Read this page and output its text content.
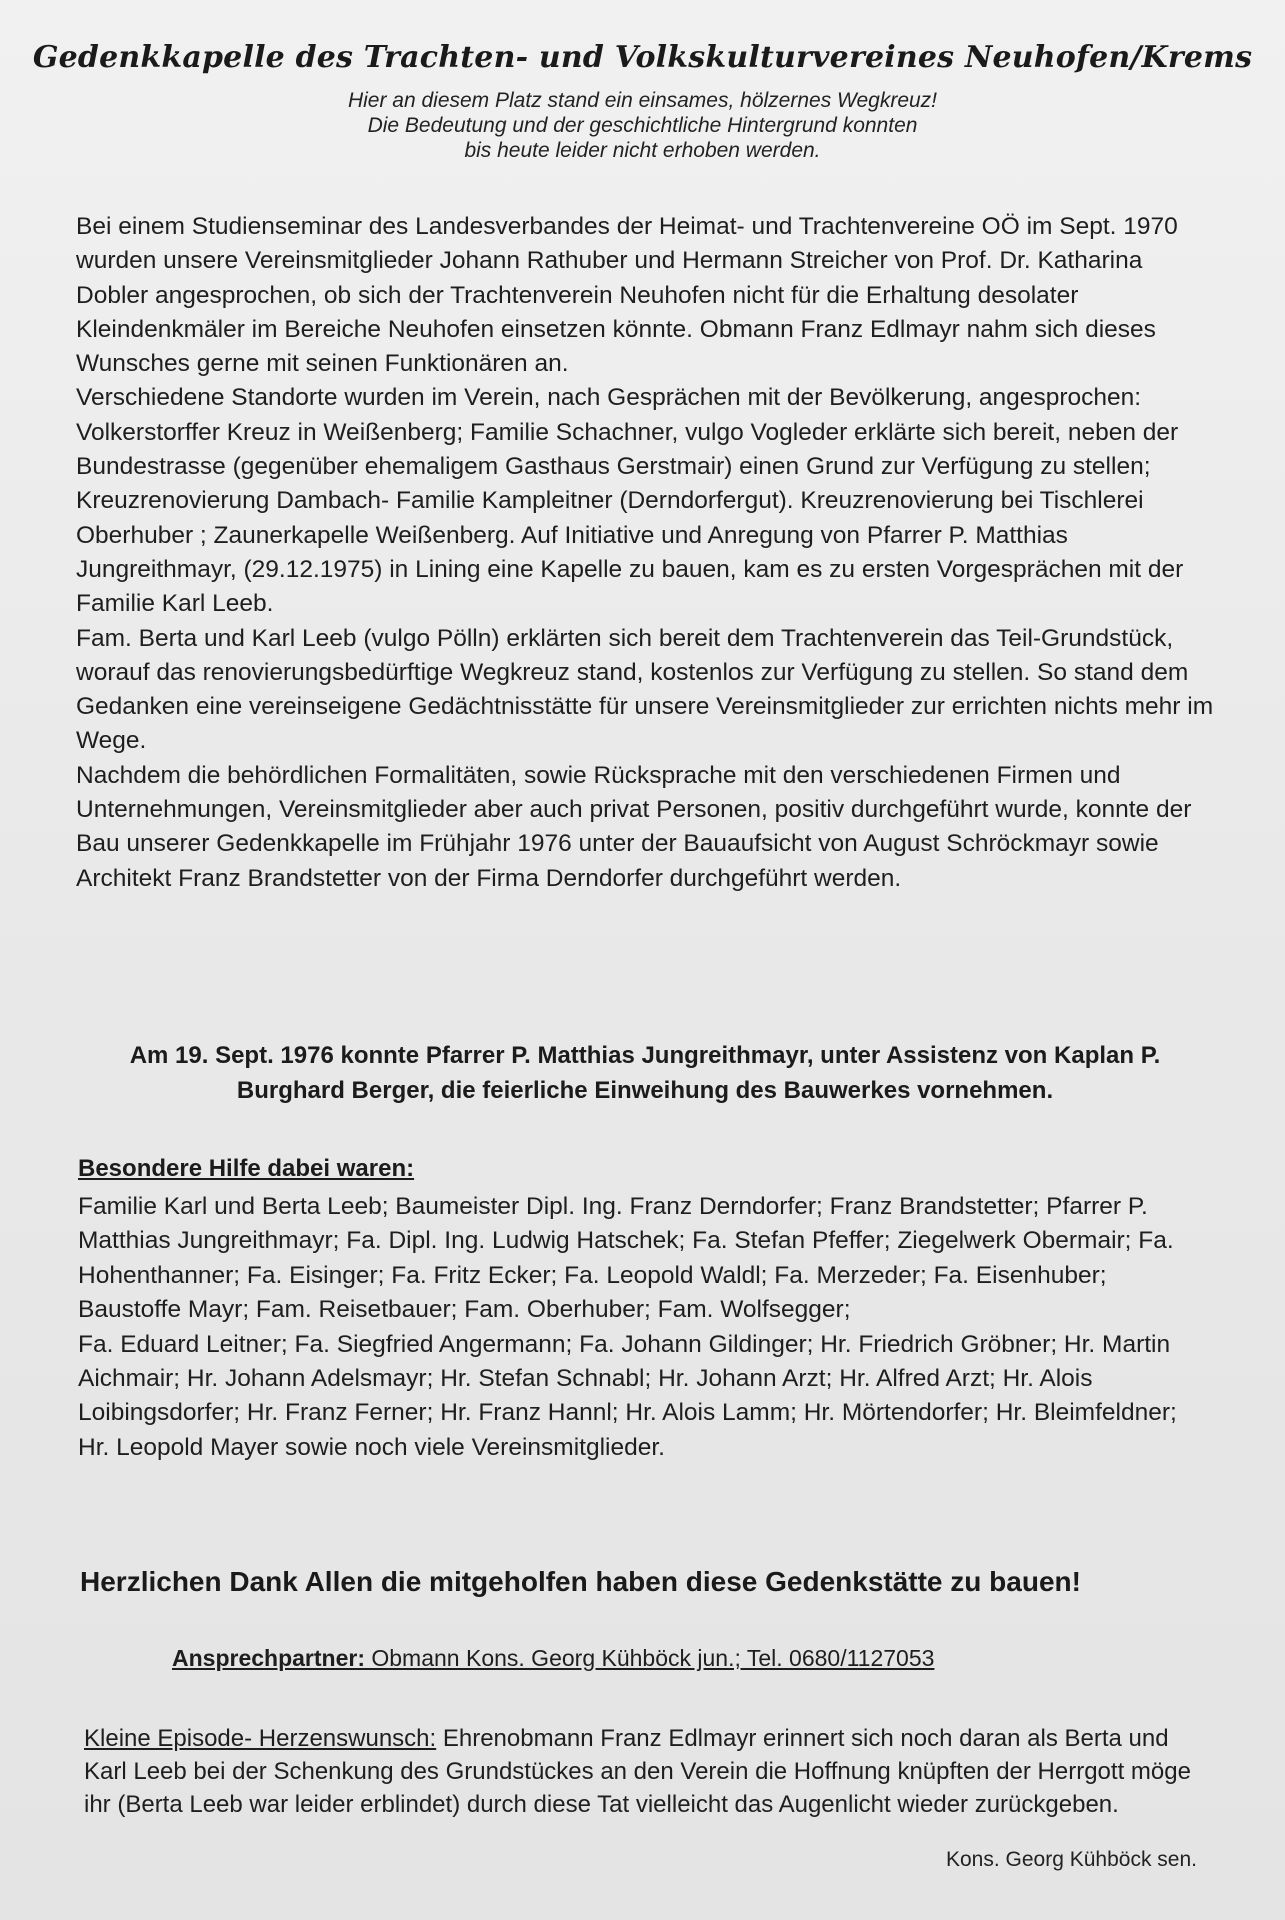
Gedenkkapelle des Trachten- und Volkskulturvereines Neuhofen/Krems
Hier an diesem Platz stand ein einsames, hölzernes Wegkreuz!
Die Bedeutung und der geschichtliche Hintergrund konnten
bis heute leider nicht erhoben werden.

Bei einem Studienseminar des Landesverbandes der Heimat- und Trachtenvereine OÖ im Sept. 1970 wurden unsere Vereinsmitglieder Johann Rathuber und Hermann Streicher von Prof. Dr. Katharina Dobler angesprochen, ob sich der Trachtenverein Neuhofen nicht für die Erhaltung desolater Kleindenkmäler im Bereiche Neuhofen einsetzen könnte. Obmann Franz Edlmayr nahm sich dieses Wunsches gerne mit seinen Funktionären an.

Verschiedene Standorte wurden im Verein, nach Gesprächen mit der Bevölkerung, angesprochen: Volkerstorffer Kreuz in Weißenberg; Familie Schachner, vulgo Vogleder erklärte sich bereit, neben der Bundestrasse (gegenüber ehemaligem Gasthaus Gerstmair) einen Grund zur Verfügung zu stellen; Kreuzrenovierung Dambach- Familie Kampleitner (Derndorfergut). Kreuzrenovierung bei Tischlerei Oberhuber ; Zaunerkapelle Weißenberg. Auf Initiative und Anregung von Pfarrer P. Matthias Jungreithmayr, (29.12.1975) in Lining eine Kapelle zu bauen, kam es zu ersten Vorgesprächen mit der Familie Karl Leeb.

Fam. Berta und Karl Leeb (vulgo Pölln) erklärten sich bereit dem Trachtenverein das Teil-Grundstück, worauf das renovierungsbedürftige Wegkreuz stand, kostenlos zur Verfügung zu stellen. So stand dem Gedanken eine vereinseigene Gedächtnisstätte für unsere Vereinsmitglieder zur errichten nichts mehr im Wege.

Nachdem die behördlichen Formalitäten, sowie Rücksprache mit den verschiedenen Firmen und Unternehmungen, Vereinsmitglieder aber auch privat Personen, positiv durchgeführt wurde, konnte der Bau unserer Gedenkkapelle im Frühjahr 1976 unter der Bauaufsicht von August Schröckmayr sowie Architekt Franz Brandstetter von der Firma Derndorfer durchgeführt werden.

Am 19. Sept. 1976 konnte Pfarrer P. Matthias Jungreithmayr, unter Assistenz von Kaplan P. Burghard Berger, die feierliche Einweihung des Bauwerkes vornehmen.
Besondere Hilfe dabei waren:

Familie Karl und Berta Leeb; Baumeister Dipl. Ing. Franz Derndorfer; Franz Brandstetter; Pfarrer P. Matthias Jungreithmayr; Fa. Dipl. Ing. Ludwig Hatschek; Fa. Stefan Pfeffer; Ziegelwerk Obermair; Fa. Hohenthanner; Fa. Eisinger; Fa. Fritz Ecker; Fa. Leopold Waldl; Fa. Merzeder; Fa. Eisenhuber; Baustoffe Mayr; Fam. Reisetbauer; Fam. Oberhuber; Fam. Wolfsegger;

Fa. Eduard Leitner; Fa. Siegfried Angermann; Fa. Johann Gildinger; Hr. Friedrich Gröbner; Hr. Martin Aichmair; Hr. Johann Adelsmayr; Hr. Stefan Schnabl; Hr. Johann Arzt; Hr. Alfred Arzt; Hr. Alois Loibingsdorfer; Hr. Franz Ferner; Hr. Franz Hannl; Hr. Alois Lamm; Hr. Mörtendorfer; Hr. Bleimfeldner; Hr. Leopold Mayer sowie noch viele Vereinsmitglieder.

Herzlichen Dank Allen die mitgeholfen haben diese Gedenkstätte zu bauen!
Ansprechpartner: Obmann Kons. Georg Kühböck jun.; Tel. 0680/1127053
Kleine Episode- Herzenswunsch: Ehrenobmann Franz Edlmayr erinnert sich noch daran als Berta und Karl Leeb bei der Schenkung des Grundstückes an den Verein die Hoffnung knüpften der Herrgott möge ihr (Berta Leeb war leider erblindet) durch diese Tat vielleicht das Augenlicht wieder zurückgeben.
Kons. Georg Kühböck sen.
